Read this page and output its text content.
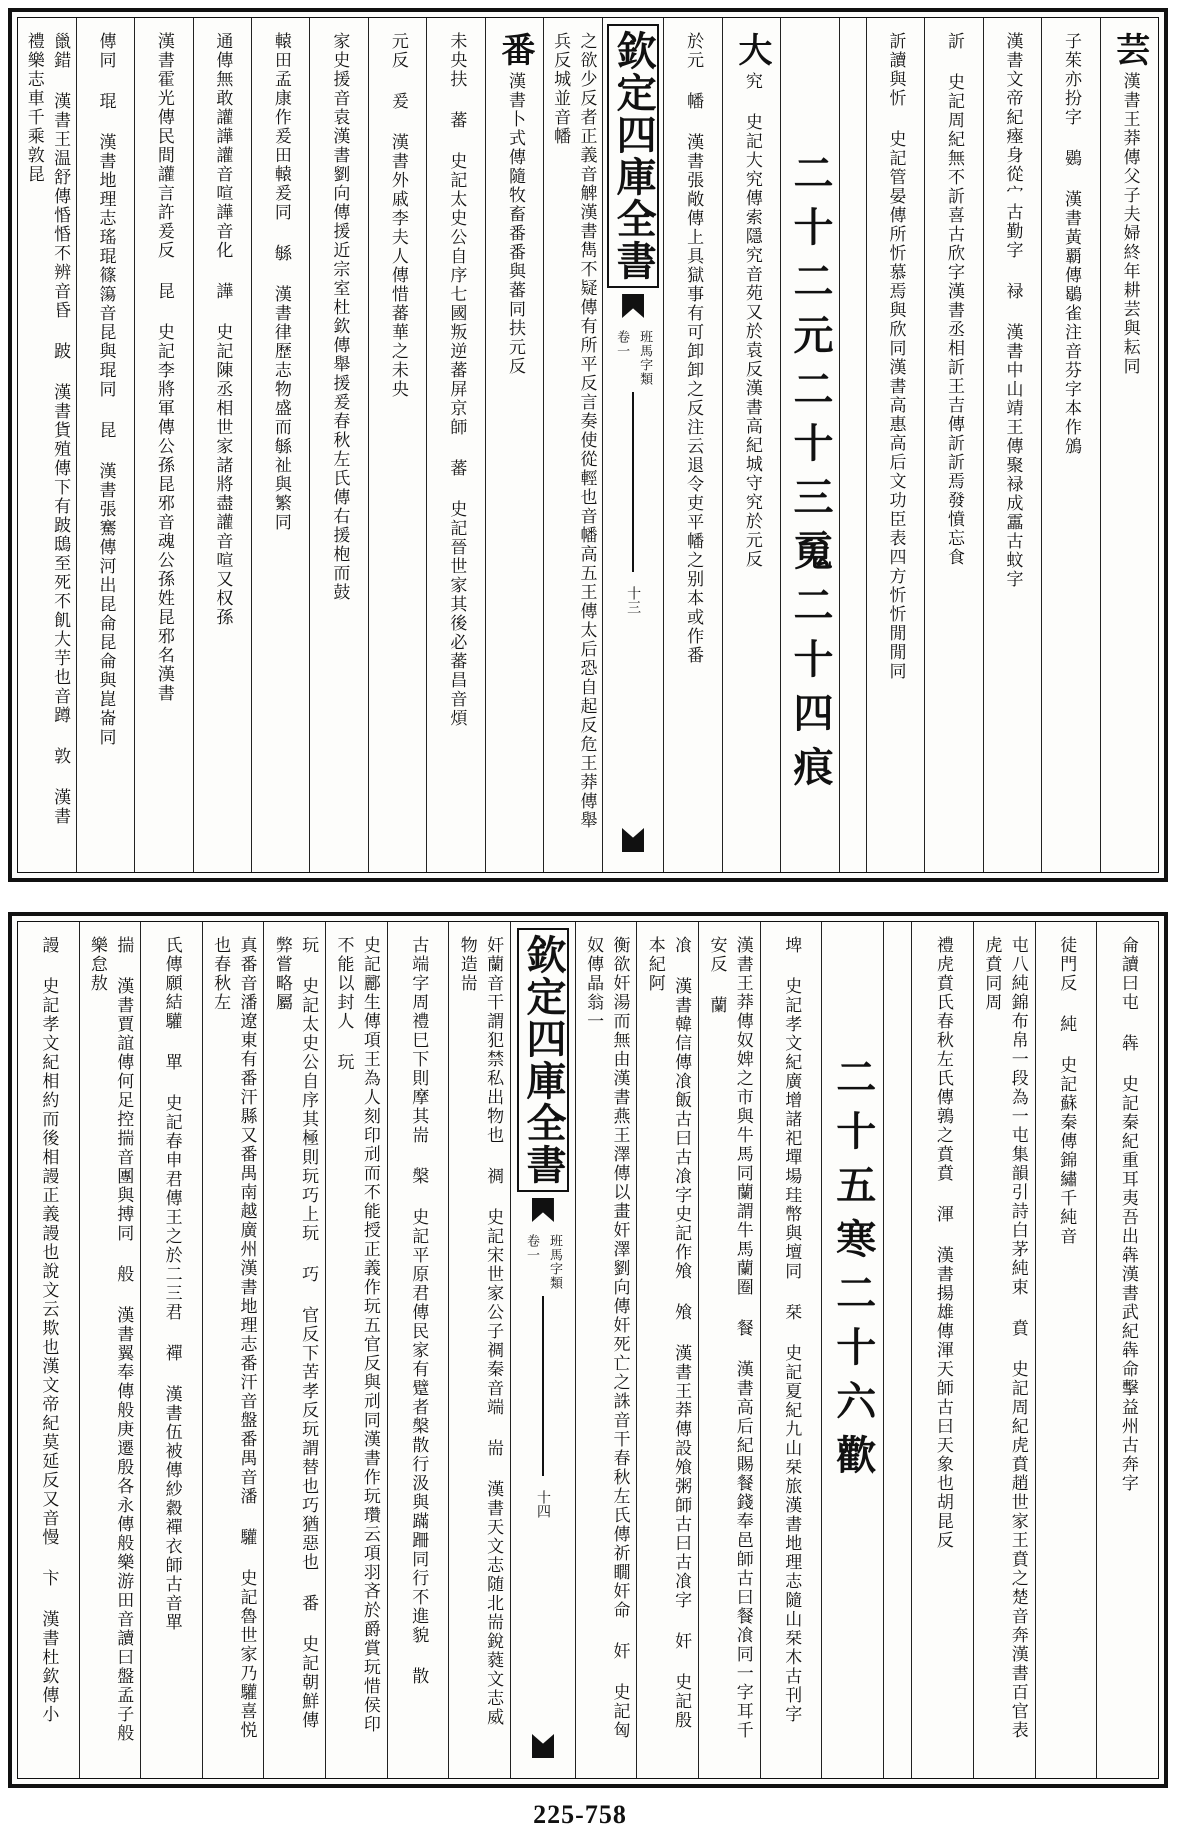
芸漢書王莽傳父子夫婦終年耕芸與耘同
子茱亦扮字 鷃 漢書黃覇傳鶡雀注音芬字本作鳻
漢書文帝紀瘞身從宀古勤字 䘵 漢書中山靖王傳聚䘵成靁古蚊字
訢 史記周紀無不訢喜古欣字漢書丞相訢王吉傳訢訢焉發憤忘食
訢讀與忻 史記管晏傳所忻慕焉與欣同漢書高惠高后文功臣表四方忻忻閒閒同
二十二元二十三䰟二十四痕
大究 史記大究傳索隱究音苑又於袁反漢書高紀城守究於元反
於元 幡 漢書張敞傳上具獄事有可卸卸之反注云退令吏平幡之别本或作番
欽定四庫全書
班馬字類
卷一
十三
之欲少反者正義音䚜漢書雋不疑傳有所平反言奏使從輕也音幡高五王傳太后恐自起反危王莽傳舉兵反城並音幡
番漢書卜式傳隨牧畜番番與蕃同扶元反
未央扶 蕃 史記太史公自序七國叛逆蕃屏京師 蕃 史記晉世家其後必蕃昌音煩
元反 爰 漢書外戚李夫人傳惜蕃華之未央
家史援音袁漢書劉向傳援近宗室杜欽傳舉援爰春秋左氏傳右援枹而鼓
轅田孟康作爰田轅爰同 緐 漢書律歷志物盛而緐祉與繁同
通傳無敢讙譁讙音喧譁音化 譁 史記陳丞相世家諸將盡讙音喧又权孫
漢書霍光傳民間讙言許爰反 昆 史記李將軍傳公孫昆邪音魂公孫姓昆邪名漢書
傳同 琨 漢書地理志瑤琨篠簜音昆與琨同 昆 漢書張騫傳河出昆侖昆侖與崑崙同
巤錯 漢書王温舒傳惛惛不辨音昏 跛 漢書貨殖傳下有跛鴟至死不飢大芋也音蹲 敦 漢書禮樂志車千乘敦昆
侖讀曰屯 犇 史記秦紀重耳夷吾出犇漢書武紀犇命擊益州古奔字
徒門反 純 史記蘇秦傳錦繡千純音
屯八純錦布帛一段為一屯集韻引詩白茅純束 賁 史記周紀虎賁趙世家王賁之楚音奔漢書百官表虎賁同周
禮虎賁氏春秋左氏傳鶉之賁賁 渾 漢書揚雄傳渾天師古曰天象也胡昆反
二十五寒二十六歡
埤 史記孝文紀廣增諸祀墠場珪幣與壇同 栞 史記夏紀九山栞旅漢書地理志隨山栞木古刊字
漢書王莽傳奴婢之市與牛馬同蘭謂牛馬蘭圈 餐 漢書高后紀賜餐錢奉邑師古曰餐飡同一字耳千安反 蘭
飡 漢書韓信傳飡飯古曰古飡字史記作飧 飧 漢書王莽傳設飧粥師古曰古飡字 奸 史記殷本紀阿
衡欲奸湯而無由漢書燕王澤傳以畫奸澤劉向傳奸死亡之誅音干春秋左氏傳祈瞯奸命 奸 史記匈奴傳晶翁一
欽定四庫全書
班馬字類
卷一
十四
奸蘭音干謂犯禁私出物也 禂 史記宋世家公子禂秦音端 耑 漢書天文志随北耑銳蕤文志威物造耑
古端字周禮巳下則摩其耑 槃 史記平原君傳民家有躄者槃散行汲與蹣跚同行不進貌 散
史記酈生傳項王為人刻印刓而不能授正義作玩五官反與刓同漢書作玩瓚云項羽吝於爵賞玩惜侯印不能以封人 玩
玩 史記太史公自序其極則玩巧上玩 巧 官反下苦孝反玩謂替也巧猶惡也 番 史記朝鮮傳弊嘗略屬
真番音潘遼東有番汗縣又番禺南越廣州漢書地理志番汗音盤番禺音潘 驩 史記魯世家乃驩喜悦也春秋左
氏傳願結驩 單 史記春申君傳王之於二三君 禪 漢書伍被傳紗縠禪衣師古音單
揣 漢書賈誼傳何足控揣音團與搏同 般 漢書翼奉傳般庚遷殷各永傳般樂游田音讀曰盤孟子般樂怠敖
謾 史記孝文紀相約而後相謾正義謾也說文云欺也漢文帝紀莫延反又音慢 卞 漢書杜欽傳小
225-758
